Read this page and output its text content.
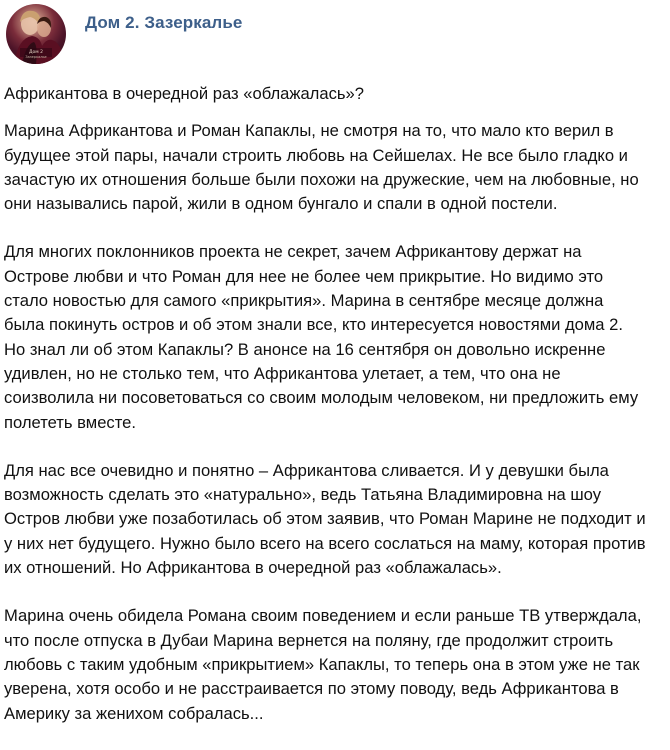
Дом 2
Зазеркалье
Дом 2. Зазеркалье
Африкантова в очередной раз «облажалась»?
Марина Африкантова и Роман Капаклы, не смотря на то, что мало кто верил в
будущее этой пары, начали строить любовь на Сейшелах. Не все было гладко и
зачастую их отношения больше были похожи на дружеские, чем на любовные, но
они назывались парой, жили в одном бунгало и спали в одной постели.
Для многих поклонников проекта не секрет, зачем Африкантову держат на
Острове любви и что Роман для нее не более чем прикрытие. Но видимо это
стало новостью для самого «прикрытия». Марина в сентябре месяце должна
была покинуть остров и об этом знали все, кто интересуется новостями дома 2.
Но знал ли об этом Капаклы? В анонсе на 16 сентября он довольно искренне
удивлен, но не столько тем, что Африкантова улетает, а тем, что она не
соизволила ни посоветоваться со своим молодым человеком, ни предложить ему
полететь вместе.
Для нас все очевидно и понятно – Африкантова сливается. И у девушки была
возможность сделать это «натурально», ведь Татьяна Владимировна на шоу
Остров любви уже позаботилась об этом заявив, что Роман Марине не подходит и
у них нет будущего. Нужно было всего на всего сослаться на маму, которая против
их отношений. Но Африкантова в очередной раз «облажалась».
Марина очень обидела Романа своим поведением и если раньше ТВ утверждала,
что после отпуска в Дубаи Марина вернется на поляну, где продолжит строить
любовь с таким удобным «прикрытием» Капаклы, то теперь она в этом уже не так
уверена, хотя особо и не расстраивается по этому поводу, ведь Африкантова в
Америку за женихом собралась...
